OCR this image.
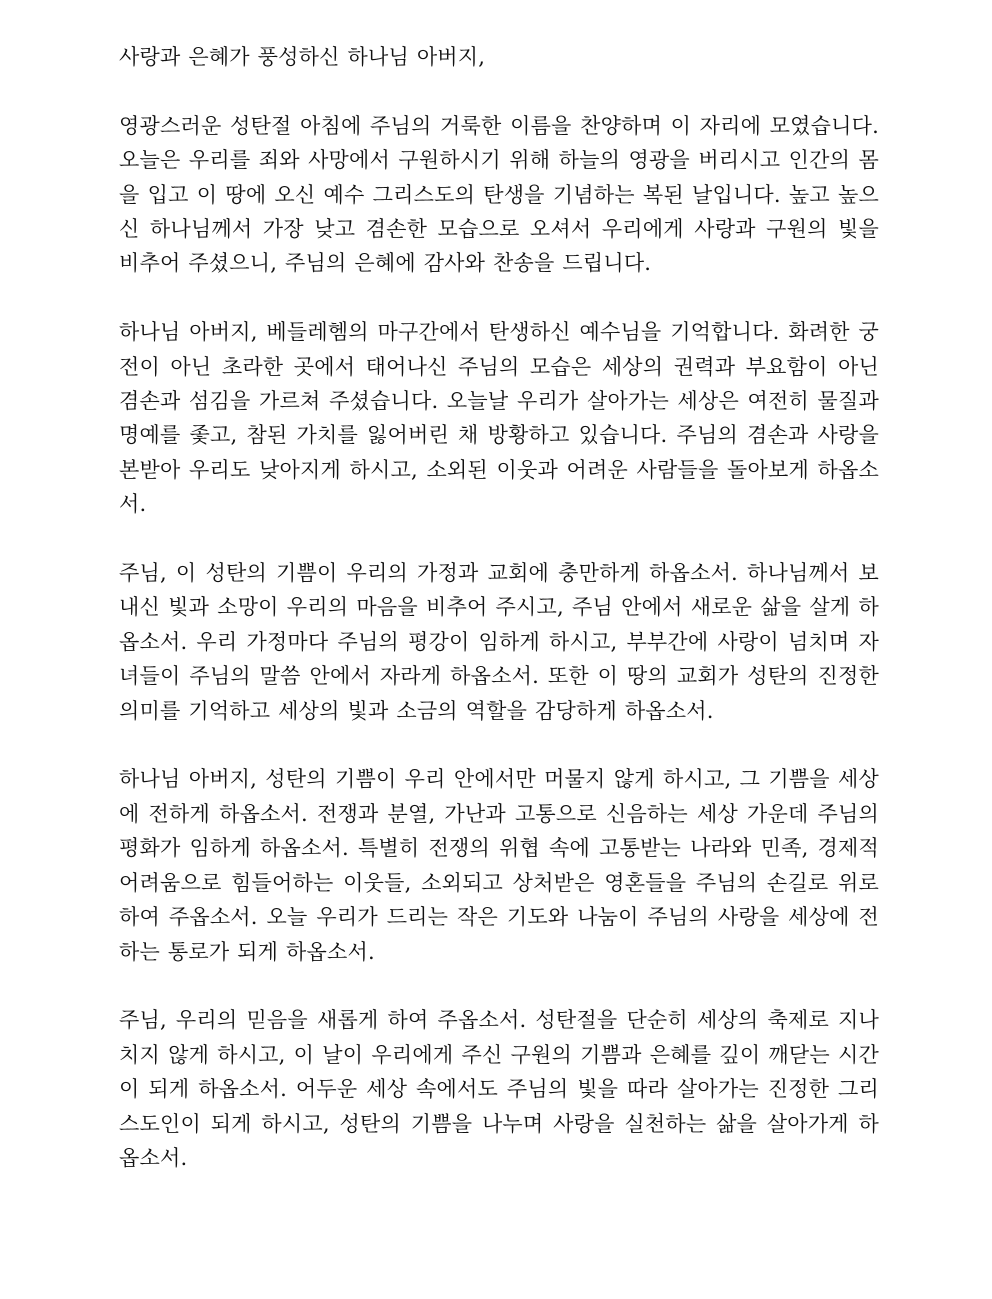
사랑과 은혜가 풍성하신 하나님 아버지,

영광스러운 성탄절 아침에 주님의 거룩한 이름을 찬양하며 이 자리에 모였습니다. 오늘은 우리를 죄와 사망에서 구원하시기 위해 하늘의 영광을 버리시고 인간의 몸을 입고 이 땅에 오신 예수 그리스도의 탄생을 기념하는 복된 날입니다. 높고 높으신 하나님께서 가장 낮고 겸손한 모습으로 오셔서 우리에게 사랑과 구원의 빛을 비추어 주셨으니, 주님의 은혜에 감사와 찬송을 드립니다.

하나님 아버지, 베들레헴의 마구간에서 탄생하신 예수님을 기억합니다. 화려한 궁전이 아닌 초라한 곳에서 태어나신 주님의 모습은 세상의 권력과 부요함이 아닌 겸손과 섬김을 가르쳐 주셨습니다. 오늘날 우리가 살아가는 세상은 여전히 물질과 명예를 좇고, 참된 가치를 잃어버린 채 방황하고 있습니다. 주님의 겸손과 사랑을 본받아 우리도 낮아지게 하시고, 소외된 이웃과 어려운 사람들을 돌아보게 하옵소서.

주님, 이 성탄의 기쁨이 우리의 가정과 교회에 충만하게 하옵소서. 하나님께서 보내신 빛과 소망이 우리의 마음을 비추어 주시고, 주님 안에서 새로운 삶을 살게 하옵소서. 우리 가정마다 주님의 평강이 임하게 하시고, 부부간에 사랑이 넘치며 자녀들이 주님의 말씀 안에서 자라게 하옵소서. 또한 이 땅의 교회가 성탄의 진정한 의미를 기억하고 세상의 빛과 소금의 역할을 감당하게 하옵소서.

하나님 아버지, 성탄의 기쁨이 우리 안에서만 머물지 않게 하시고, 그 기쁨을 세상에 전하게 하옵소서. 전쟁과 분열, 가난과 고통으로 신음하는 세상 가운데 주님의 평화가 임하게 하옵소서. 특별히 전쟁의 위협 속에 고통받는 나라와 민족, 경제적 어려움으로 힘들어하는 이웃들, 소외되고 상처받은 영혼들을 주님의 손길로 위로하여 주옵소서. 오늘 우리가 드리는 작은 기도와 나눔이 주님의 사랑을 세상에 전하는 통로가 되게 하옵소서.

주님, 우리의 믿음을 새롭게 하여 주옵소서. 성탄절을 단순히 세상의 축제로 지나치지 않게 하시고, 이 날이 우리에게 주신 구원의 기쁨과 은혜를 깊이 깨닫는 시간이 되게 하옵소서. 어두운 세상 속에서도 주님의 빛을 따라 살아가는 진정한 그리스도인이 되게 하시고, 성탄의 기쁨을 나누며 사랑을 실천하는 삶을 살아가게 하옵소서.
